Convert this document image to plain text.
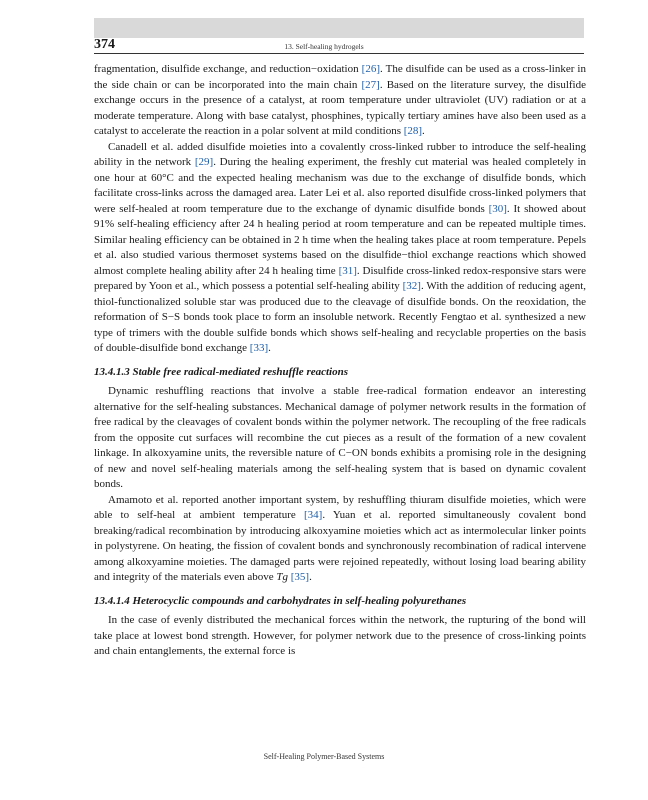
374	13. Self-healing hydrogels

fragmentation, disulfide exchange, and reduction−oxidation [26]. The disulfide can be used as a cross-linker in the side chain or can be incorporated into the main chain [27]. Based on the literature survey, the disulfide exchange occurs in the presence of a catalyst, at room temperature under ultraviolet (UV) radiation or at a moderate temperature. Along with base catalyst, phosphines, typically tertiary amines have also been used as a catalyst to accelerate the reaction in a polar solvent at mild conditions [28].

Canadell et al. added disulfide moieties into a covalently cross-linked rubber to introduce the self-healing ability in the network [29]. During the healing experiment, the freshly cut material was healed completely in one hour at 60°C and the expected healing mechanism was due to the exchange of disulfide bonds, which facilitate cross-links across the damaged area. Later Lei et al. also reported disulfide cross-linked polymers that were self-healed at room temperature due to the exchange of dynamic disulfide bonds [30]. It showed about 91% self-healing efficiency after 24 h healing period at room temperature and can be repeated multiple times. Similar healing efficiency can be obtained in 2 h time when the healing takes place at room temperature. Pepels et al. also studied various thermoset systems based on the disulfide−thiol exchange reactions which showed almost complete healing ability after 24 h healing time [31]. Disulfide cross-linked redox-responsive stars were prepared by Yoon et al., which possess a potential self-healing ability [32]. With the addition of reducing agent, thiol-functionalized soluble star was produced due to the cleavage of disulfide bonds. On the reoxidation, the reformation of S−S bonds took place to form an insoluble network. Recently Fengtao et al. synthesized a new type of trimers with the double sulfide bonds which shows self-healing and recyclable properties on the basis of double-disulfide bond exchange [33].

13.4.1.3 Stable free radical-mediated reshuffle reactions

Dynamic reshuffling reactions that involve a stable free-radical formation endeavor an interesting alternative for the self-healing substances. Mechanical damage of polymer network results in the formation of free radical by the cleavages of covalent bonds within the polymer network. The recoupling of the free radicals from the opposite cut surfaces will recombine the cut pieces as a result of the formation of a new covalent linkage. In alkoxyamine units, the reversible nature of C−ON bonds exhibits a promising role in the designing of new and novel self-healing materials among the self-healing system that is based on dynamic covalent bonds.

Amamoto et al. reported another important system, by reshuffling thiuram disulfide moieties, which were able to self-heal at ambient temperature [34]. Yuan et al. reported simultaneously covalent bond breaking/radical recombination by introducing alkoxyamine moieties which act as intermolecular linker points in polystyrene. On heating, the fission of covalent bonds and synchronously recombination of radical intervene among alkoxyamine moieties. The damaged parts were rejoined repeatedly, without losing load bearing ability and integrity of the materials even above Tg [35].

13.4.1.4 Heterocyclic compounds and carbohydrates in self-healing polyurethanes

In the case of evenly distributed the mechanical forces within the network, the rupturing of the bond will take place at lowest bond strength. However, for polymer network due to the presence of cross-linking points and chain entanglements, the external force is

Self-Healing Polymer-Based Systems
